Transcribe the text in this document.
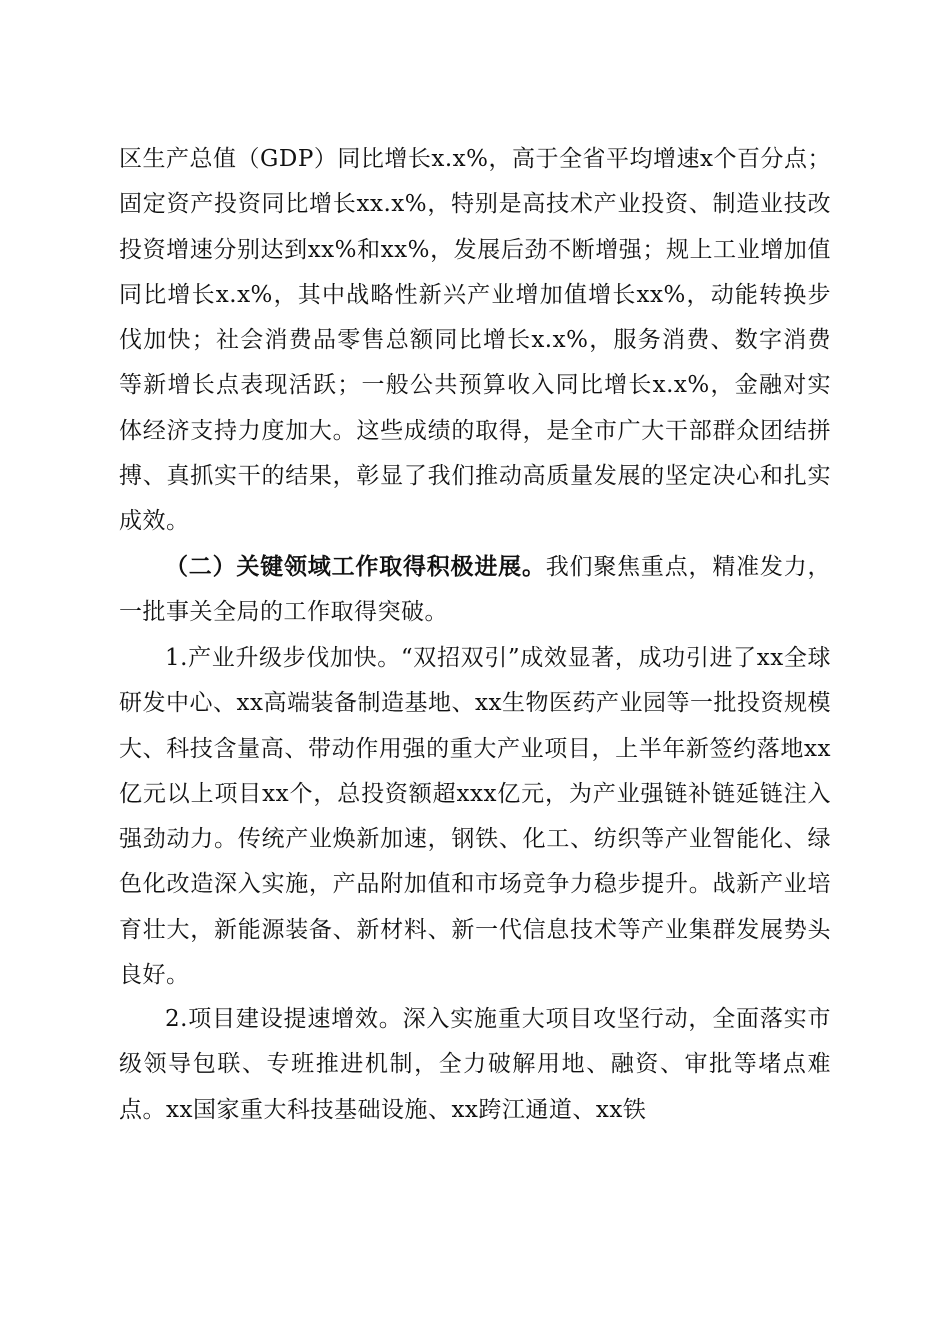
区生产总值（GDP）同比增长x.x%，高于全省平均增速x个百分点；固定资产投资同比增长xx.x%，特别是高技术产业投资、制造业技改投资增速分别达到xx%和xx%，发展后劲不断增强；规上工业增加值同比增长x.x%，其中战略性新兴产业增加值增长xx%，动能转换步伐加快；社会消费品零售总额同比增长x.x%，服务消费、数字消费等新增长点表现活跃；一般公共预算收入同比增长x.x%，金融对实体经济支持力度加大。这些成绩的取得，是全市广大干部群众团结拼搏、真抓实干的结果，彰显了我们推动高质量发展的坚定决心和扎实成效。

（二）关键领域工作取得积极进展。我们聚焦重点，精准发力，一批事关全局的工作取得突破。

1.产业升级步伐加快。“双招双引”成效显著，成功引进了xx全球研发中心、xx高端装备制造基地、xx生物医药产业园等一批投资规模大、科技含量高、带动作用强的重大产业项目，上半年新签约落地xx亿元以上项目xx个，总投资额超xxx亿元，为产业强链补链延链注入强劲动力。传统产业焕新加速，钢铁、化工、纺织等产业智能化、绿色化改造深入实施，产品附加值和市场竞争力稳步提升。战新产业培育壮大，新能源装备、新材料、新一代信息技术等产业集群发展势头良好。

2.项目建设提速增效。深入实施重大项目攻坚行动，全面落实市级领导包联、专班推进机制，全力破解用地、融资、审批等堵点难点。xx国家重大科技基础设施、xx跨江通道、xx铁
